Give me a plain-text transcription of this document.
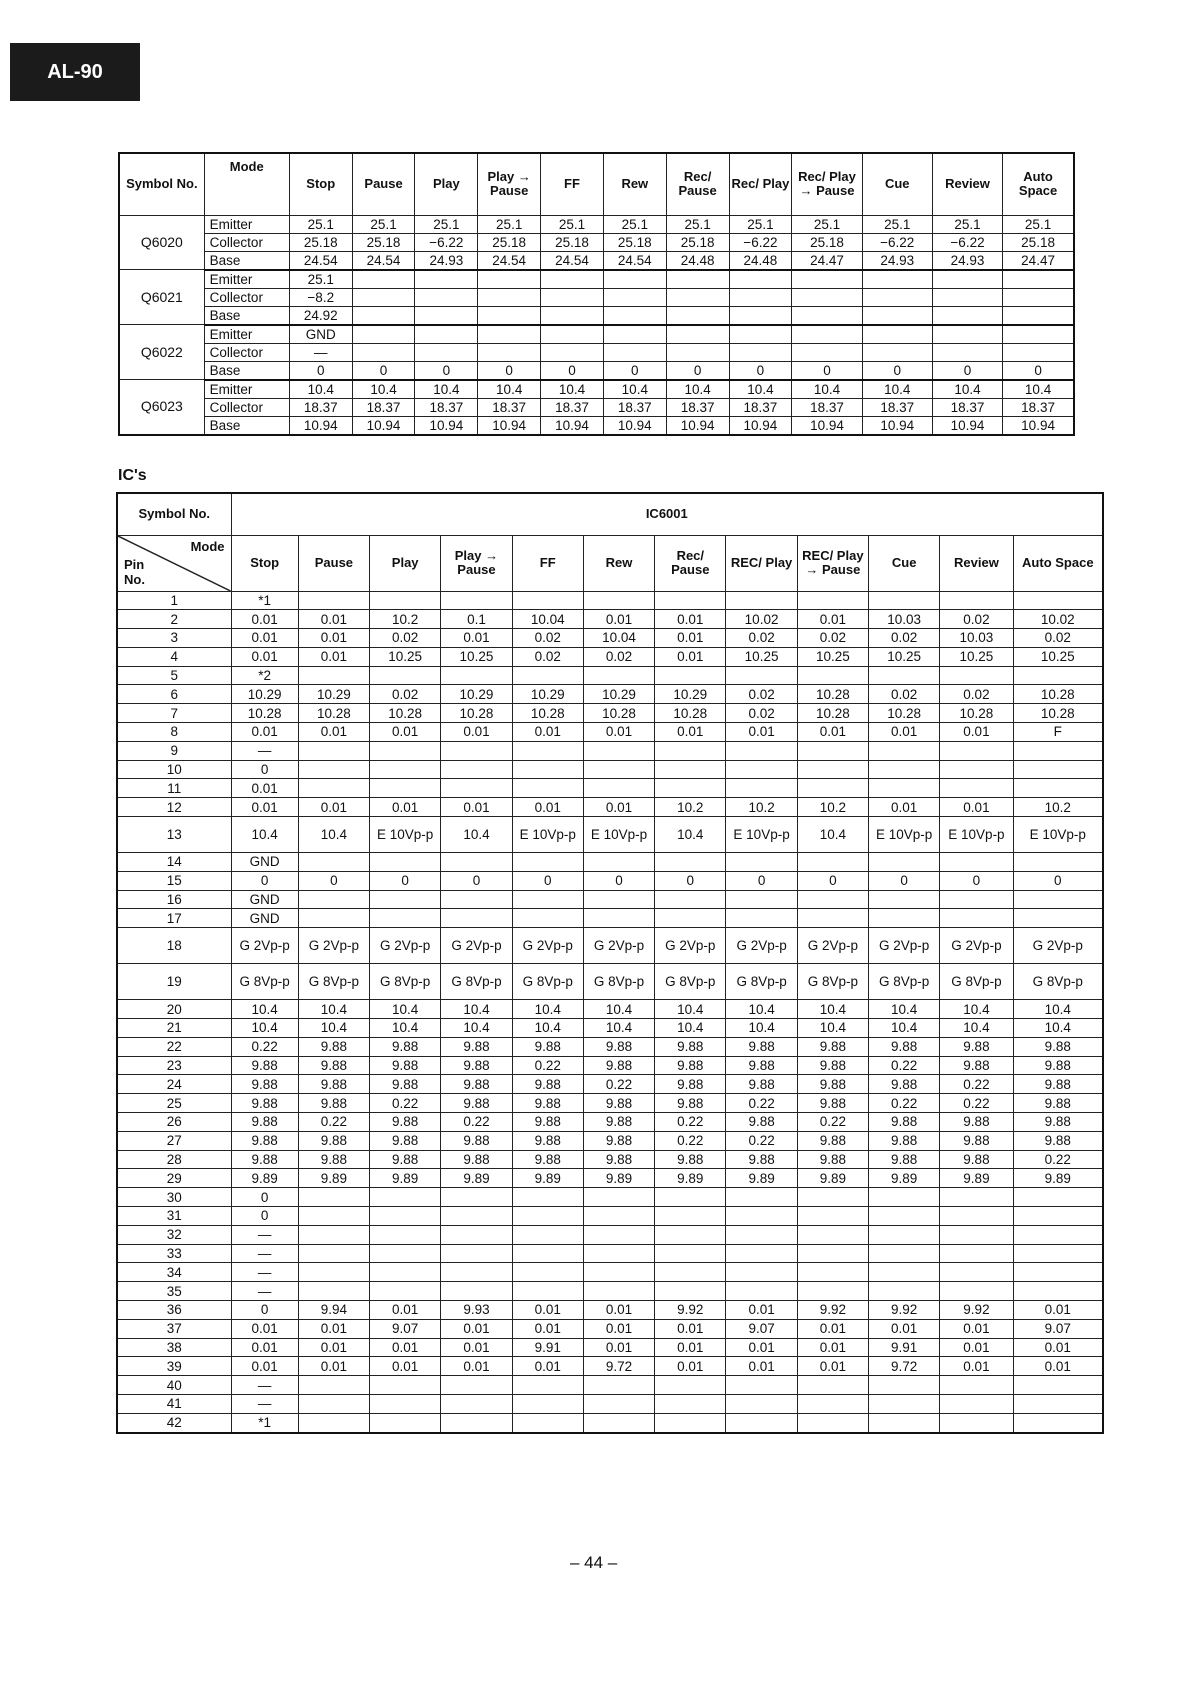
AL-90
Symbol No.	Mode	Stop	Pause	Play	Play → Pause	FF	Rew	Rec/ Pause	Rec/ Play	Rec/ Play → Pause	Cue	Review	Auto Space
Q6020	Emitter	25.1	25.1	25.1	25.1	25.1	25.1	25.1	25.1	25.1	25.1	25.1	25.1
	Collector	25.18	25.18	−6.22	25.18	25.18	25.18	25.18	−6.22	25.18	−6.22	−6.22	25.18
	Base	24.54	24.54	24.93	24.54	24.54	24.54	24.48	24.48	24.47	24.93	24.93	24.47
Q6021	Emitter	25.1											
	Collector	−8.2											
	Base	24.92											
Q6022	Emitter	GND											
	Collector	—											
	Base	0	0	0	0	0	0	0	0	0	0	0	0
Q6023	Emitter	10.4	10.4	10.4	10.4	10.4	10.4	10.4	10.4	10.4	10.4	10.4	10.4
	Collector	18.37	18.37	18.37	18.37	18.37	18.37	18.37	18.37	18.37	18.37	18.37	18.37
	Base	10.94	10.94	10.94	10.94	10.94	10.94	10.94	10.94	10.94	10.94	10.94	10.94
IC's
Symbol No.	IC6001											

Mode
Pin No.	Stop	Pause	Play	Play → Pause	FF	Rew	Rec/ Pause	REC/ Play	REC/ Play → Pause	Cue	Review	Auto Space
1	*1											
2	0.01	0.01	10.2	0.1	10.04	0.01	0.01	10.02	0.01	10.03	0.02	10.02
3	0.01	0.01	0.02	0.01	0.02	10.04	0.01	0.02	0.02	0.02	10.03	0.02
4	0.01	0.01	10.25	10.25	0.02	0.02	0.01	10.25	10.25	10.25	10.25	10.25
5	*2											
6	10.29	10.29	0.02	10.29	10.29	10.29	10.29	0.02	10.28	0.02	0.02	10.28
7	10.28	10.28	10.28	10.28	10.28	10.28	10.28	0.02	10.28	10.28	10.28	10.28
8	0.01	0.01	0.01	0.01	0.01	0.01	0.01	0.01	0.01	0.01	0.01	F
9	—											
10	0											
11	0.01											
12	0.01	0.01	0.01	0.01	0.01	0.01	10.2	10.2	10.2	0.01	0.01	10.2
13	10.4	10.4	E 10Vp-p	10.4	E 10Vp-p	E 10Vp-p	10.4	E 10Vp-p	10.4	E 10Vp-p	E 10Vp-p	E 10Vp-p
14	GND											
15	0	0	0	0	0	0	0	0	0	0	0	0
16	GND											
17	GND											
18	G 2Vp-p	G 2Vp-p	G 2Vp-p	G 2Vp-p	G 2Vp-p	G 2Vp-p	G 2Vp-p	G 2Vp-p	G 2Vp-p	G 2Vp-p	G 2Vp-p	G 2Vp-p
19	G 8Vp-p	G 8Vp-p	G 8Vp-p	G 8Vp-p	G 8Vp-p	G 8Vp-p	G 8Vp-p	G 8Vp-p	G 8Vp-p	G 8Vp-p	G 8Vp-p	G 8Vp-p
20	10.4	10.4	10.4	10.4	10.4	10.4	10.4	10.4	10.4	10.4	10.4	10.4
21	10.4	10.4	10.4	10.4	10.4	10.4	10.4	10.4	10.4	10.4	10.4	10.4
22	0.22	9.88	9.88	9.88	9.88	9.88	9.88	9.88	9.88	9.88	9.88	9.88
23	9.88	9.88	9.88	9.88	0.22	9.88	9.88	9.88	9.88	0.22	9.88	9.88
24	9.88	9.88	9.88	9.88	9.88	0.22	9.88	9.88	9.88	9.88	0.22	9.88
25	9.88	9.88	0.22	9.88	9.88	9.88	9.88	0.22	9.88	0.22	0.22	9.88
26	9.88	0.22	9.88	0.22	9.88	9.88	0.22	9.88	0.22	9.88	9.88	9.88
27	9.88	9.88	9.88	9.88	9.88	9.88	0.22	0.22	9.88	9.88	9.88	9.88
28	9.88	9.88	9.88	9.88	9.88	9.88	9.88	9.88	9.88	9.88	9.88	0.22
29	9.89	9.89	9.89	9.89	9.89	9.89	9.89	9.89	9.89	9.89	9.89	9.89
30	0											
31	0											
32	—											
33	—											
34	—											
35	—											
36	0	9.94	0.01	9.93	0.01	0.01	9.92	0.01	9.92	9.92	9.92	0.01
37	0.01	0.01	9.07	0.01	0.01	0.01	0.01	9.07	0.01	0.01	0.01	9.07
38	0.01	0.01	0.01	0.01	9.91	0.01	0.01	0.01	0.01	9.91	0.01	0.01
39	0.01	0.01	0.01	0.01	0.01	9.72	0.01	0.01	0.01	9.72	0.01	0.01
40	—											
41	—											
42	*1											
– 44 –
